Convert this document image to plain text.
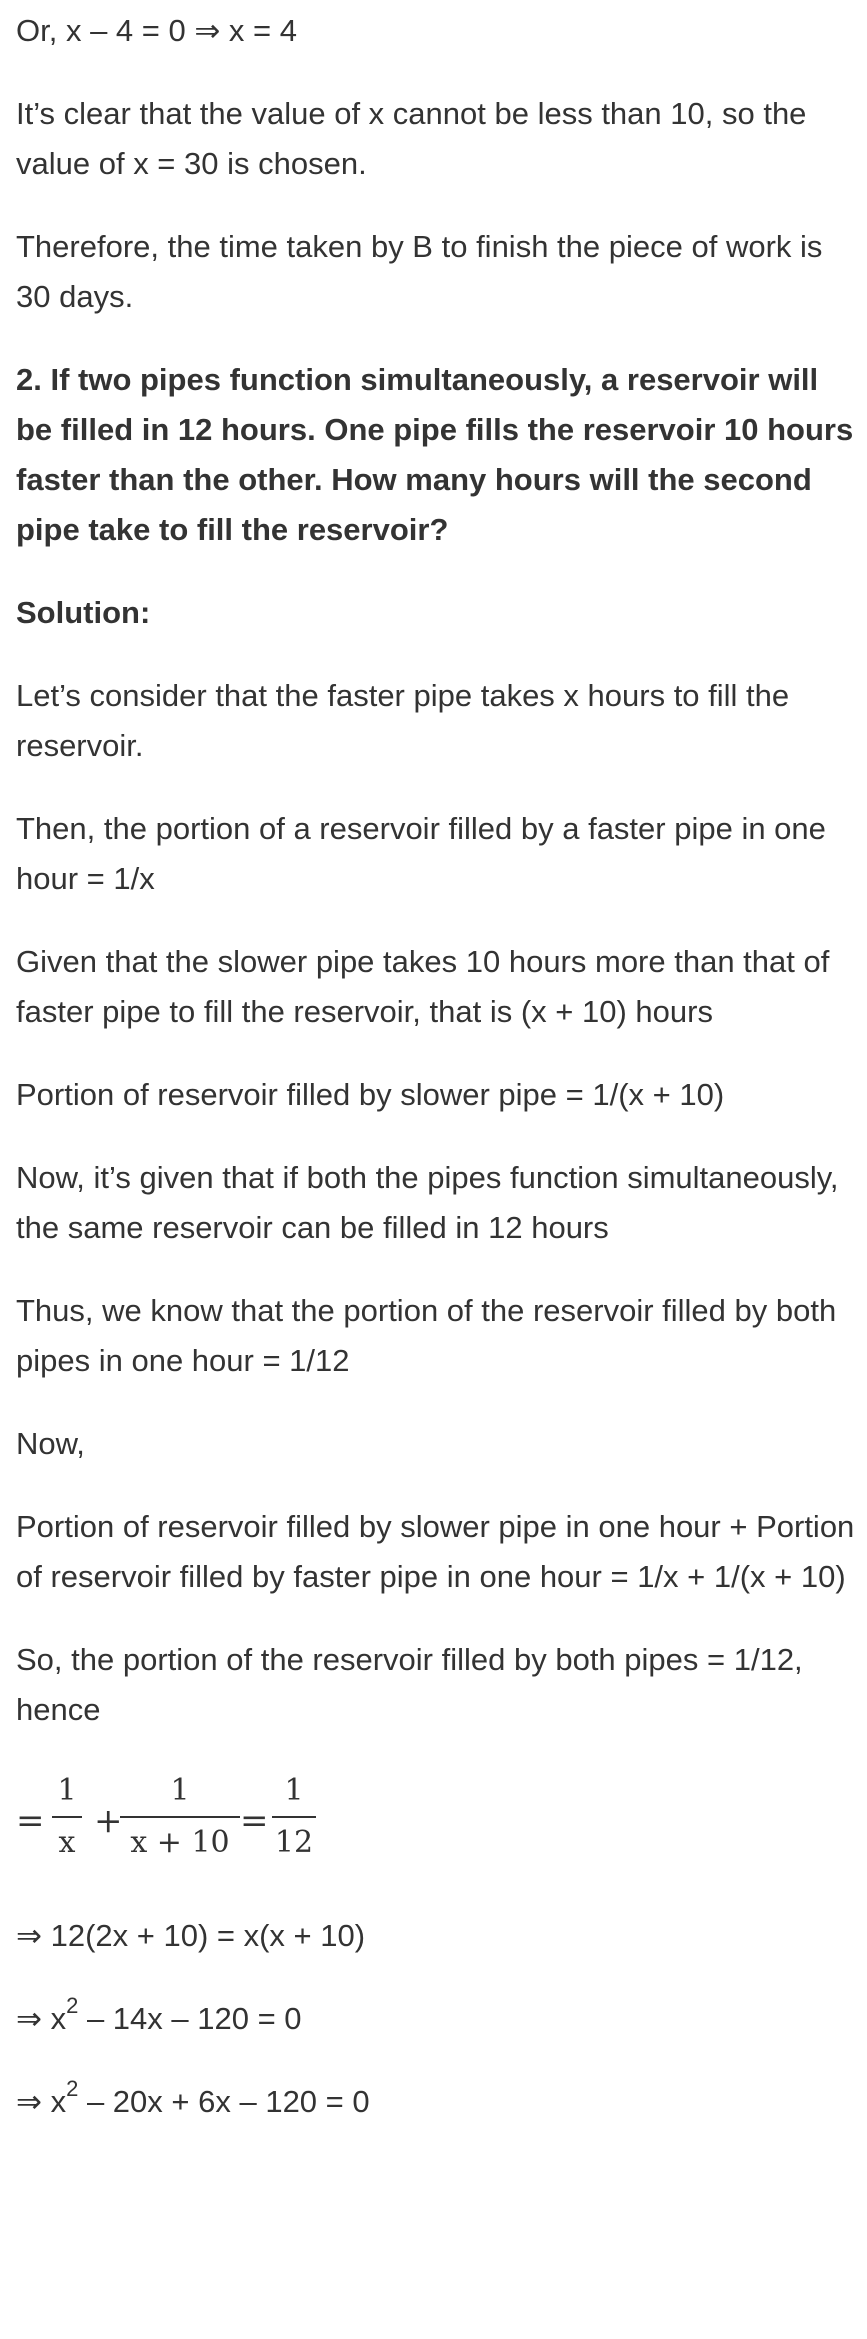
Or, x – 4 = 0 ⇒ x = 4

It’s clear that the value of x cannot be less than 10, so the value of x = 30 is chosen.

Therefore, the time taken by B to finish the piece of work is 30 days.

2. If two pipes function simultaneously, a reservoir will be filled in 12 hours. One pipe fills the reservoir 10 hours faster than the other. How many hours will the second pipe take to fill the reservoir?

Solution:

Let’s consider that the faster pipe takes x hours to fill the reservoir.

Then, the portion of a reservoir filled by a faster pipe in one hour = 1/x

Given that the slower pipe takes 10 hours more than that of faster pipe to fill the reservoir, that is (x + 10) hours

Portion of reservoir filled by slower pipe = 1/(x + 10)

Now, it’s given that if both the pipes function simultaneously, the same reservoir can be filled in 12 hours

Thus, we know that the portion of the reservoir filled by both pipes in one hour = 1/12

Now,

Portion of reservoir filled by slower pipe in one hour + Portion of reservoir filled by faster pipe in one hour = 1/x + 1/(x + 10)

So, the portion of the reservoir filled by both pipes = 1/12, hence

=
1
x
+
1
x + 10
=
1
12

⇒ 12(2x + 10) = x(x + 10)

⇒ $x^2 - 14x - 120 = 0$

⇒ $x^2 - 20x + 6x - 120 = 0$
